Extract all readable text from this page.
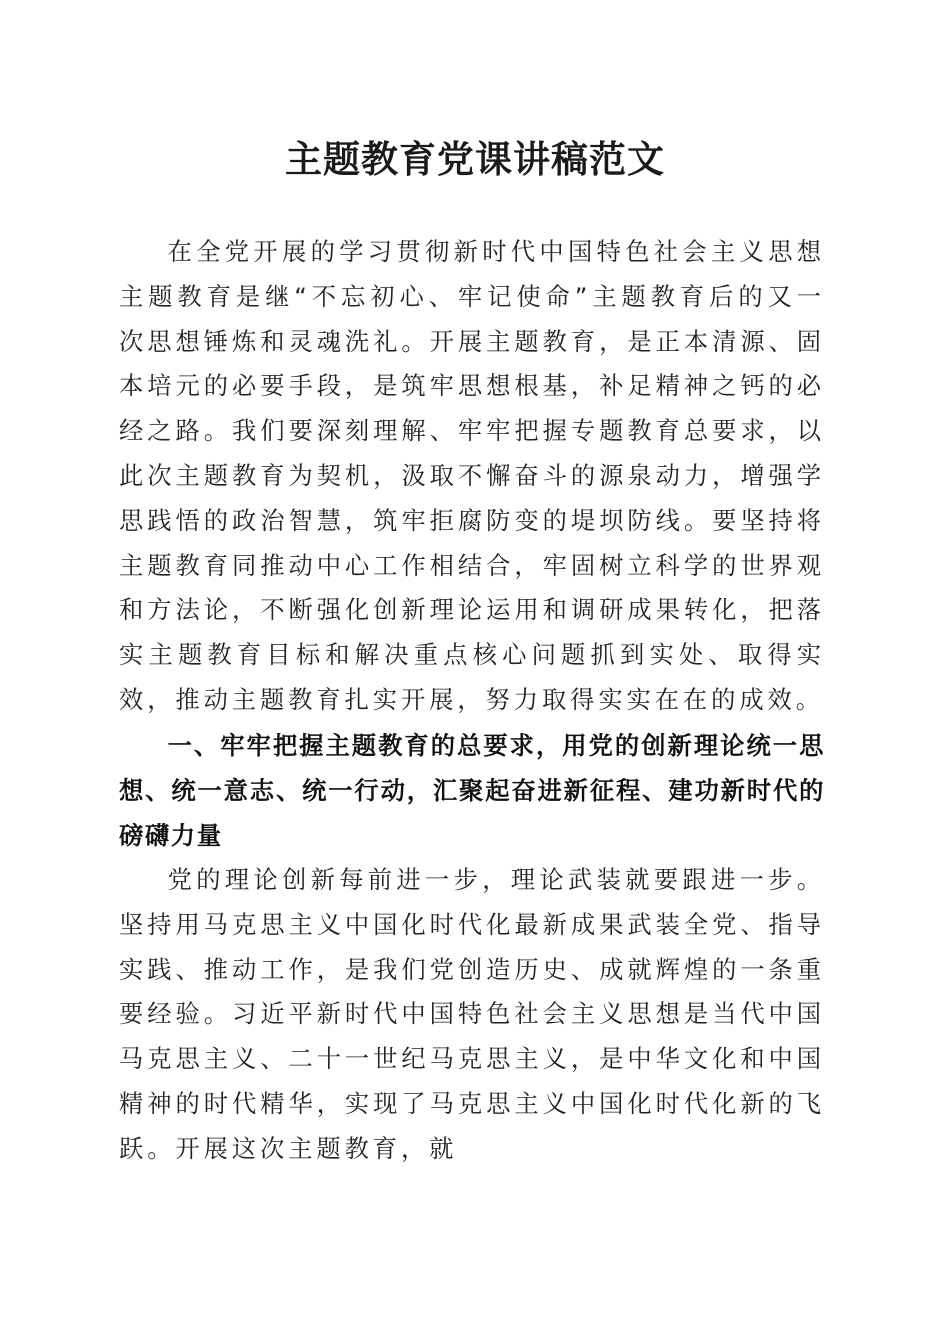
主题教育党课讲稿范文

在全党开展的学习贯彻新时代中国特色社会主义思想主题教育是继“不忘初心、牢记使命”主题教育后的又一次思想锤炼和灵魂洗礼。开展主题教育，是正本清源、固本培元的必要手段，是筑牢思想根基，补足精神之钙的必经之路。我们要深刻理解、牢牢把握专题教育总要求，以此次主题教育为契机，汲取不懈奋斗的源泉动力，增强学思践悟的政治智慧，筑牢拒腐防变的堤坝防线。要坚持将主题教育同推动中心工作相结合，牢固树立科学的世界观和方法论，不断强化创新理论运用和调研成果转化，把落实主题教育目标和解决重点核心问题抓到实处、取得实效，推动主题教育扎实开展，努力取得实实在在的成效。

一、牢牢把握主题教育的总要求，用党的创新理论统一思想、统一意志、统一行动，汇聚起奋进新征程、建功新时代的磅礴力量

党的理论创新每前进一步，理论武装就要跟进一步。坚持用马克思主义中国化时代化最新成果武装全党、指导实践、推动工作，是我们党创造历史、成就辉煌的一条重要经验。习近平新时代中国特色社会主义思想是当代中国马克思主义、二十一世纪马克思主义，是中华文化和中国精神的时代精华，实现了马克思主义中国化时代化新的飞跃。开展这次主题教育，就
